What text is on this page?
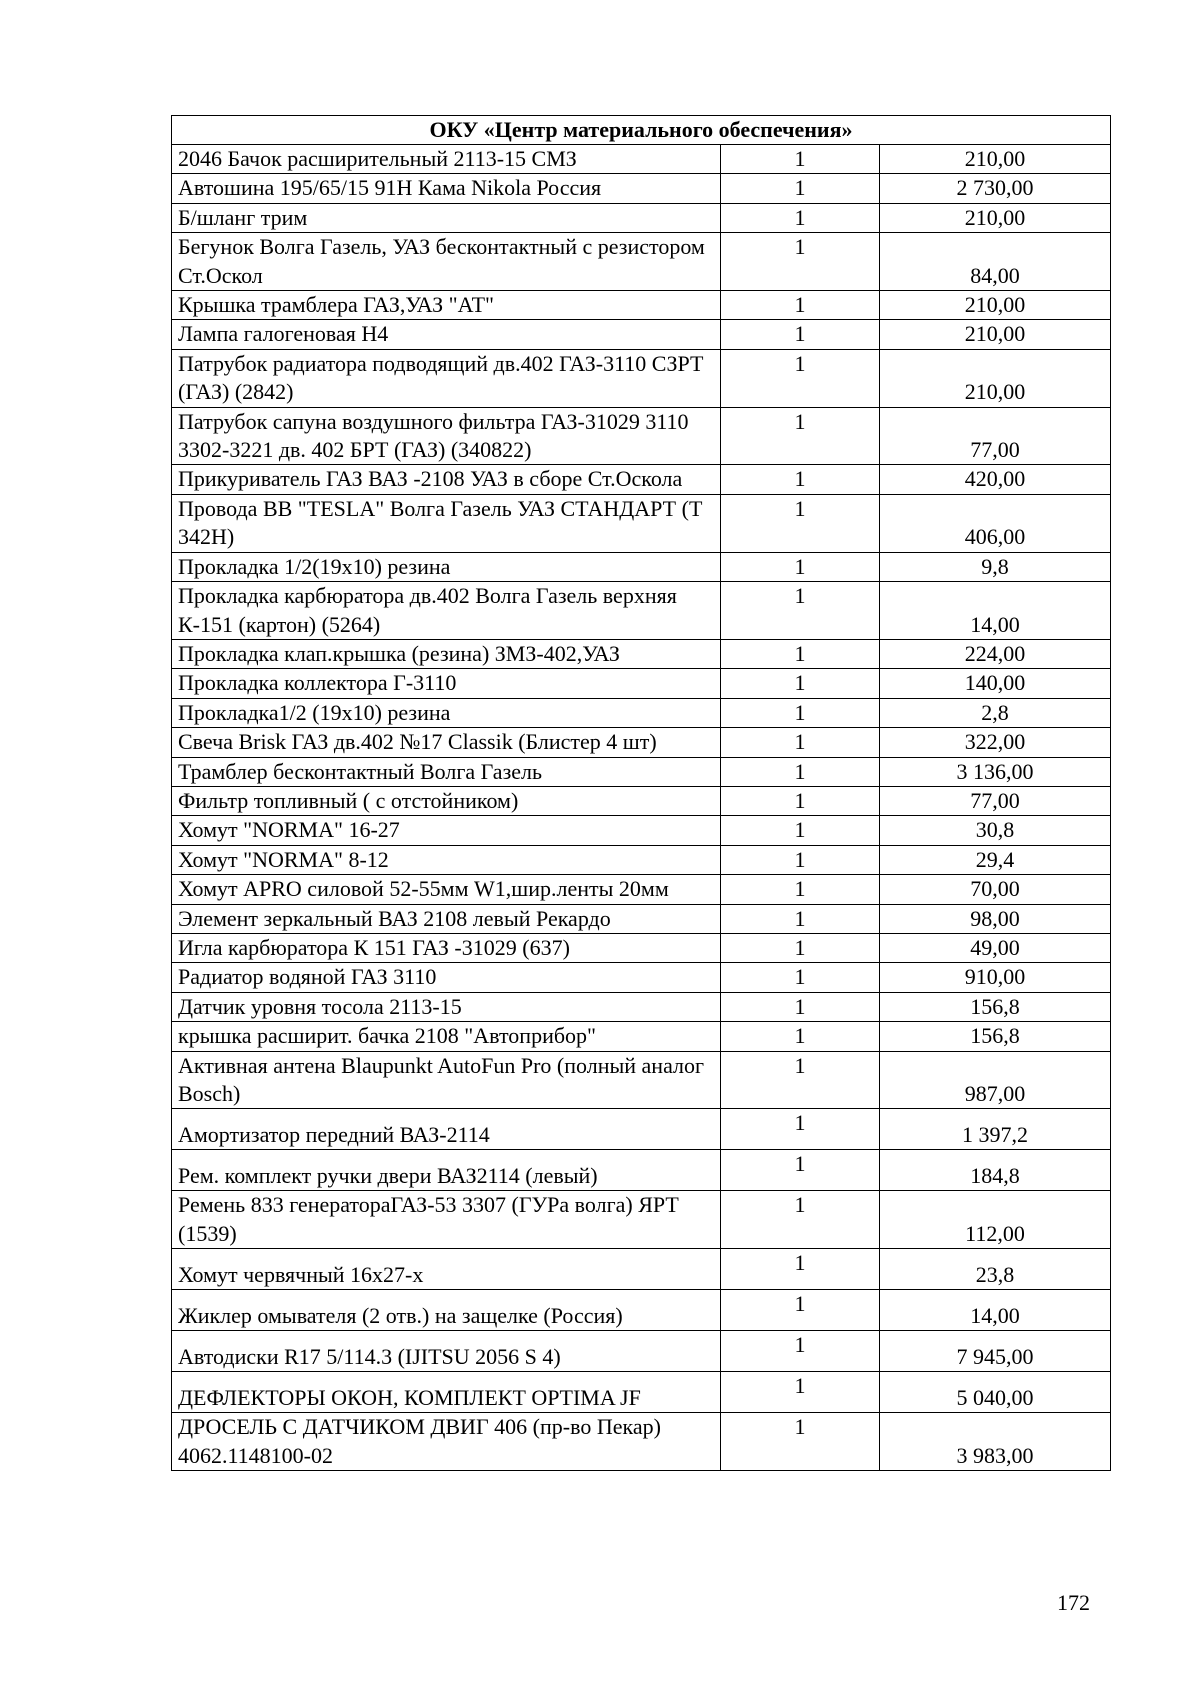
ОКУ «Центр материального обеспечения»		
2046 Бачок расширительный 2113-15 СМЗ	1	210,00
Автошина 195/65/15 91Н Кама Nikola Россия	1	2 730,00
Б/шланг трим	1	210,00
Бегунок Волга Газель, УАЗ бесконтактный с резистором Ст.Оскол	1	84,00
Крышка трамблера ГАЗ,УАЗ "АТ"	1	210,00
Лампа галогеновая Н4	1	210,00
Патрубок радиатора подводящий дв.402 ГАЗ-3110 СЗРТ (ГАЗ) (2842)	1	210,00
Патрубок сапуна воздушного фильтра ГАЗ-31029 3110 3302-3221 дв. 402 БРТ (ГАЗ) (340822)	1	77,00
Прикуриватель ГАЗ ВАЗ -2108 УАЗ в сборе Ст.Оскола	1	420,00
Провода ВВ "TESLA" Волга Газель УАЗ СТАНДАРТ (Т 342Н)	1	406,00
Прокладка 1/2(19x10) резина	1	9,8
Прокладка карбюратора дв.402 Волга Газель верхняя К-151 (картон) (5264)	1	14,00
Прокладка клап.крышка (резина) ЗМЗ-402,УАЗ	1	224,00
Прокладка коллектора Г-3110	1	140,00
Прокладка1/2 (19x10) резина	1	2,8
Свеча Brisk ГАЗ дв.402 №17 Classik (Блистер 4 шт)	1	322,00
Трамблер бесконтактный Волга Газель	1	3 136,00
Фильтр топливный ( с отстойником)	1	77,00
Хомут "NORMA" 16-27	1	30,8
Хомут "NORMA" 8-12	1	29,4
Хомут APRO силовой 52-55мм W1,шир.ленты 20мм	1	70,00
Элемент зеркальный ВАЗ 2108 левый Рекардо	1	98,00
Игла карбюратора К 151 ГАЗ -31029 (637)	1	49,00
Радиатор водяной ГАЗ 3110	1	910,00
Датчик уровня тосола 2113-15	1	156,8
крышка расширит. бачка 2108 "Автоприбор"	1	156,8
Активная антена Blaupunkt AutoFun Pro (полный аналог Bosch)	1	987,00
Амортизатор передний ВАЗ-2114	1	1 397,2
Рем. комплект ручки двери ВАЗ2114 (левый)	1	184,8
Ремень 833 генератораГАЗ-53 3307 (ГУРа волга) ЯРТ (1539)	1	112,00
Хомут червячный 16х27-х	1	23,8
Жиклер омывателя (2 отв.) на защелке (Россия)	1	14,00
Автодиски R17 5/114.3 (IJITSU 2056 S 4)	1	7 945,00
ДЕФЛЕКТОРЫ ОКОН, КОМПЛЕКТ OPTIMA JF	1	5 040,00
ДРОСЕЛЬ С ДАТЧИКОМ ДВИГ 406 (пр-во Пекар) 4062.1148100-02	1	3 983,00
172
